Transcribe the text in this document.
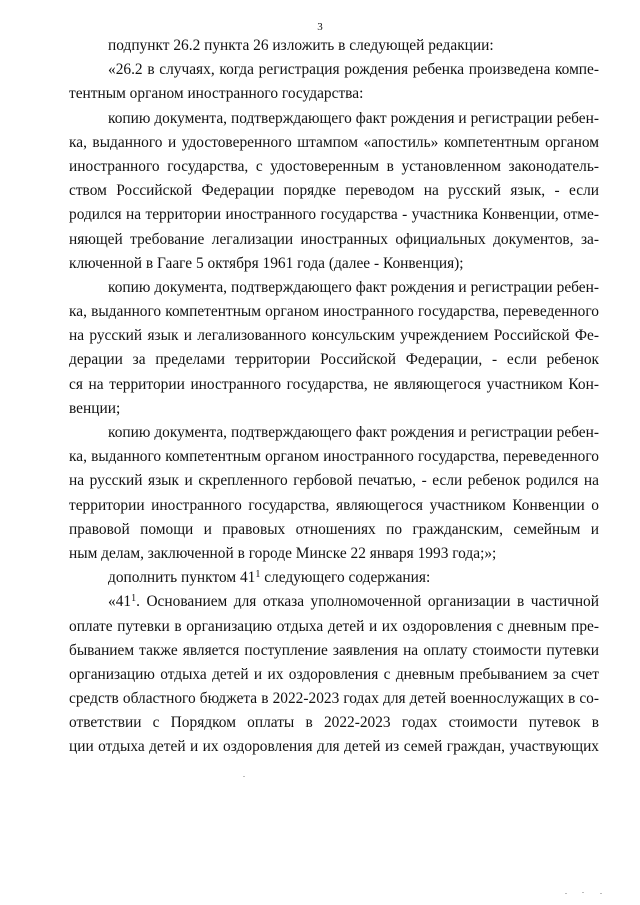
3
подпункт 26.2 пункта 26 изложить в следующей редакции:
«26.2 в случаях, когда регистрация рождения ребенка произведена компе-
тентным органом иностранного государства:
копию документа, подтверждающего факт рождения и регистрации ребен-
ка, выданного и удостоверенного штампом «апостиль» компетентным органом
иностранного государства, с удостоверенным в установленном законодатель-
ством Российской Федерации порядке переводом на русский язык, - если
родился на территории иностранного государства - участника Конвенции, отме-
няющей требование легализации иностранных официальных документов, за-
ключенной в Гааге 5 октября 1961 года (далее - Конвенция);
копию документа, подтверждающего факт рождения и регистрации ребен-
ка, выданного компетентным органом иностранного государства, переведенного
на русский язык и легализованного консульским учреждением Российской Фе-
дерации за пределами территории Российской Федерации, - если ребенок
ся на территории иностранного государства, не являющегося участником Кон-
венции;
копию документа, подтверждающего факт рождения и регистрации ребен-
ка, выданного компетентным органом иностранного государства, переведенного
на русский язык и скрепленного гербовой печатью, - если ребенок родился на
территории иностранного государства, являющегося участником Конвенции о
правовой помощи и правовых отношениях по гражданским, семейным и
ным делам, заключенной в городе Минске 22 января 1993 года;»;
дополнить пунктом $41^1$ следующего содержания:
«$41^1$. Основанием для отказа уполномоченной организации в частичной
оплате путевки в организацию отдыха детей и их оздоровления с дневным пре-
быванием также является поступление заявления на оплату стоимости путевки
организацию отдыха детей и их оздоровления с дневным пребыванием за счет
средств областного бюджета в 2022-2023 годах для детей военнослужащих в со-
ответствии с Порядком оплаты в 2022-2023 годах стоимости путевок в
ции отдыха детей и их оздоровления для детей из семей граждан, участвующих
